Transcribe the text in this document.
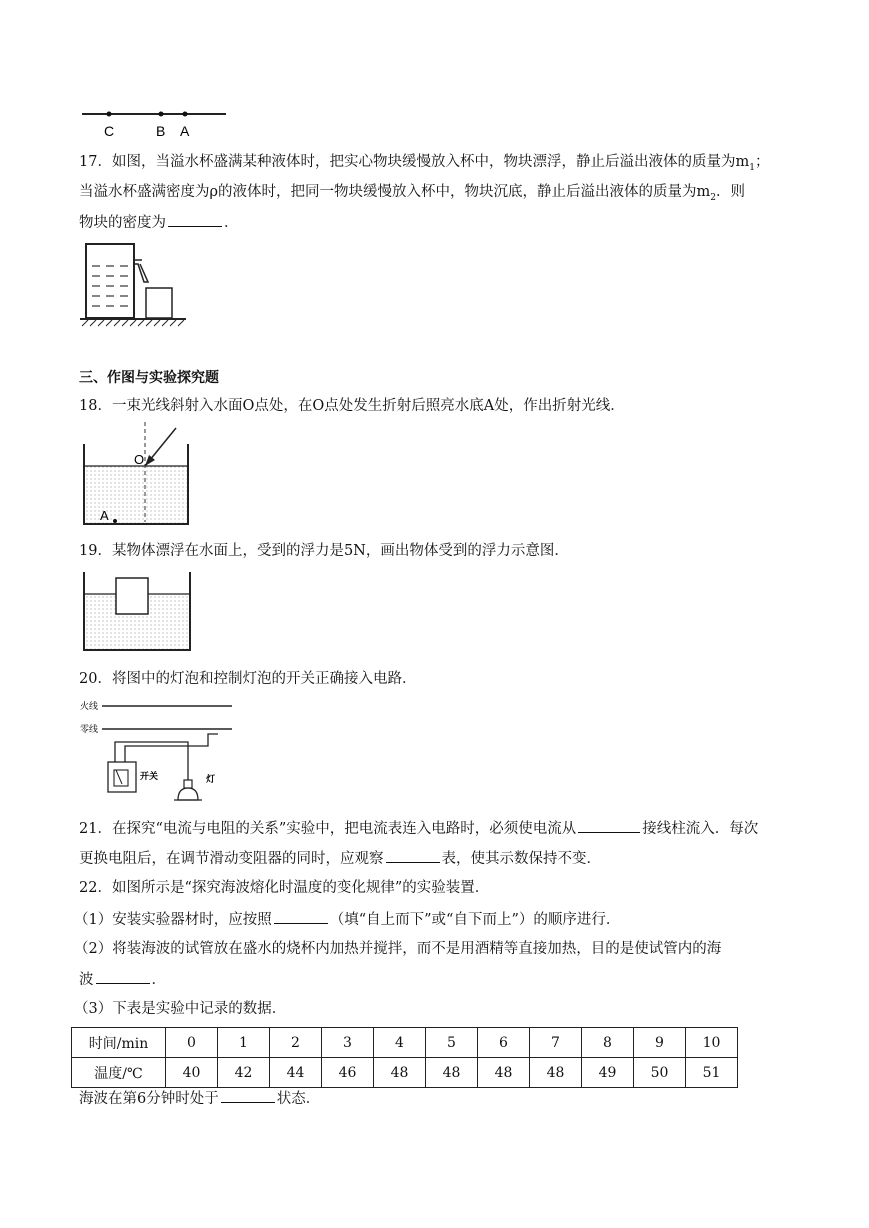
C	B A
17．如图，当溢水杯盛满某种液体时，把实心物块缓慢放入杯中，物块漂浮，静止后溢出液体的质量为$m_1$；
当溢水杯盛满密度为ρ的液体时，把同一物块缓慢放入杯中，物块沉底，静止后溢出液体的质量为$m_2$．则
物块的密度为	．
三、作图与实验探究题
18．一束光线斜射入水面O点处，在O点处发生折射后照亮水底A处，作出折射光线．
O
A
19．某物体漂浮在水面上，受到的浮力是5N，画出物体受到的浮力示意图．
20．将图中的灯泡和控制灯泡的开关正确接入电路．
火线
零线
开关	灯
21．在探究“电流与电阻的关系”实验中，把电流表连入电路时，必须使电流从	接线柱流入．每次
更换电阻后，在调节滑动变阻器的同时，应观察	表，使其示数保持不变．
22．如图所示是“探究海波熔化时温度的变化规律”的实验装置．
（1）安装实验器材时，应按照	（填“自上而下”或“自下而上”）的顺序进行．
（2）将装海波的试管放在盛水的烧杯内加热并搅拌，而不是用酒精等直接加热，目的是使试管内的海
波	．
（3）下表是实验中记录的数据．
时间/min	0	1	2	3	4	5	6	7	8	9	10
温度/℃	40	42	44	46	48	48	48	48	49	50	51
海波在第6分钟时处于	状态．
